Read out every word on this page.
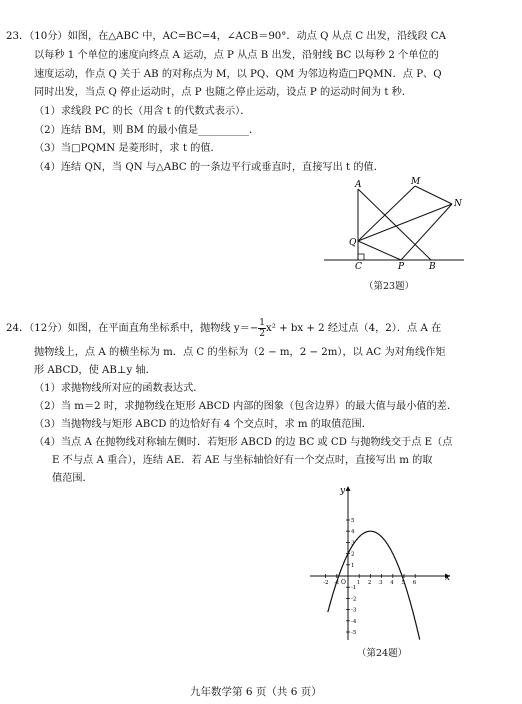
23．（10分）如图，在△ABC 中，AC=BC=4，∠ACB＝90°．动点 Q 从点 C 出发，沿线段 CA
以每秒 1 个单位的速度向终点 A 运动，点 P 从点 B 出发，沿射线 BC 以每秒 2 个单位的
速度运动，作点 Q 关于 AB 的对称点为 M，以 PQ、QM 为邻边构造□PQMN．点 P、Q
同时出发，当点 Q 停止运动时，点 P 也随之停止运动，设点 P 的运动时间为 t 秒．
（1）求线段 PC 的长（用含 t 的代数式表示）．
（2）连结 BM，则 BM 的最小值是__________．
（3）当□PQMN 是菱形时，求 t 的值．
（4）连结 QN，当 QN 与△ABC 的一条边平行或垂直时，直接写出 t 的值．
A	M
N
Q
C	P	B
（第23题）
24．（12分）如图，在平面直角坐标系中，抛物线 $y=- \frac{1}{2} x^2$ + bx + 2 经过点（4，2）．点 A 在
抛物线上，点 A 的横坐标为 m．点 C 的坐标为（2 − m，2 − 2m），以 AC 为对角线作矩
形 ABCD，使 AB⊥y 轴．
（1）求抛物线所对应的函数表达式．
（2）当 m＝2 时，求抛物线在矩形 ABCD 内部的图象（包含边界）的最大值与最小值的差．
（3）当抛物线与矩形 ABCD 的边恰好有 4 个交点时，求 m 的取值范围．
（4）当点 A 在抛物线对称轴左侧时．若矩形 ABCD 的边 BC 或 CD 与抛物线交于点 E（点
E 不与点 A 重合），连结 AE．若 AE 与坐标轴恰好有一个交点时，直接写出 m 的取
值范围．
x
y
O
-2 -1	1 2 3 4 5 6
5
4
3
2
1
-1
-2
-3
-4
-5
（第24题）
九年数学第 6 页（共 6 页）
